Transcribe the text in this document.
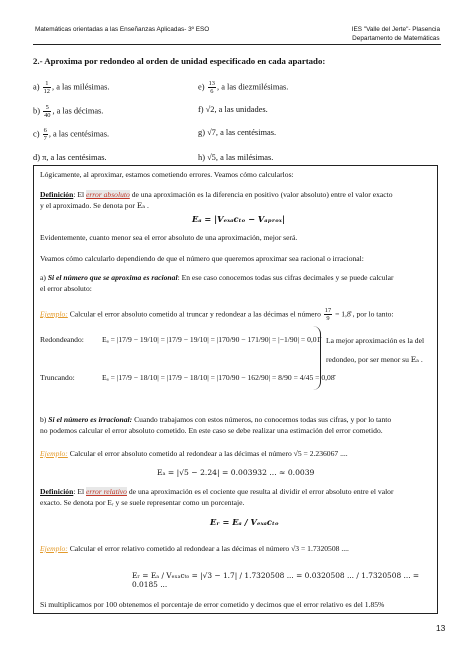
Matemáticas orientadas a las Enseñanzas Aplicadas- 3º ESO	IES "Valle del Jerte"- Plasencia
Departamento de Matemáticas
2.- Aproxima por redondeo al orden de unidad especificado en cada apartado:
$a) \frac{1}{12}$ , a las milésimas.
$b) \frac{5}{40}$ , a las décimas.
$c) \frac{6}{7}$ , a las centésimas.
d) π, a las centésimas.
$e) \frac{13}{6}$ , a las diezmilésimas.
f) √2, a las unidades.
g) √7, a las centésimas.
h) √5, a las milésimas.
Lógicamente, al aproximar, estamos cometiendo errores. Veamos cómo calcularlos:
Definición: El error absoluto de una aproximación es la diferencia en positivo (valor absoluto) entre el valor exacto
y el aproximado. Se denota por Eₐ .
Eₐ = |Vₑₓₐcₜₒ − Vₐₚᵣₒₓ|
Evidentemente, cuanto menor sea el error absoluto de una aproximación, mejor será.
Veamos cómo calcularlo dependiendo de que el número que queremos aproximar sea racional o irracional:
a) Si el número que se aproxima es racional: En ese caso conocemos todas sus cifras decimales y se puede calcular
el error absoluto:
Ejemplo: Calcular el error absoluto cometido al truncar y redondear a las décimas el número $\frac{17}{9}$ = 1,8̂ , por lo tanto:
Redondeando: Eₐ = |17/9 − 19/10| = |17/9 − 19/10| = |170/90 − 171/90| = |−1/90| = 0,01̂
Truncando:	Eₐ = |17/9 − 18/10| = |17/9 − 18/10| = |170/90 − 162/90| = 8/90 = 4/45 = 0,08̂
La mejor aproximación es la del
redondeo, por ser menor su Eₐ .
b) Si el número es irracional: Cuando trabajamos con estos números, no conocemos todas sus cifras, y por lo tanto
no podemos calcular el error absoluto cometido. En este caso se debe realizar una estimación del error cometido.
Ejemplo: Calcular el error absoluto cometido al redondear a las décimas el número √5 = 2.236067 ....
Eₐ = |√5 − 2.24| = 0.003932 ... ≈ 0.0039
Definición: El error relativo de una aproximación es el cociente que resulta al dividir el error absoluto entre el valor
exacto. Se denota por Eᵣ y se suele representar como un porcentaje.
Eᵣ = Eₐ / Vₑₓₐcₜₒ
Ejemplo: Calcular el error relativo cometido al redondear a las décimas el número √3 = 1.7320508 ....
Eᵣ = Eₐ / Vₑₓₐcₜₒ = |√3 − 1.7| / 1.7320508 ... = 0.0320508 ... / 1.7320508 ... = 0.0185 ...
Si multiplicamos por 100 obtenemos el porcentaje de error cometido y decimos que el error relativo es del 1.85%
13
